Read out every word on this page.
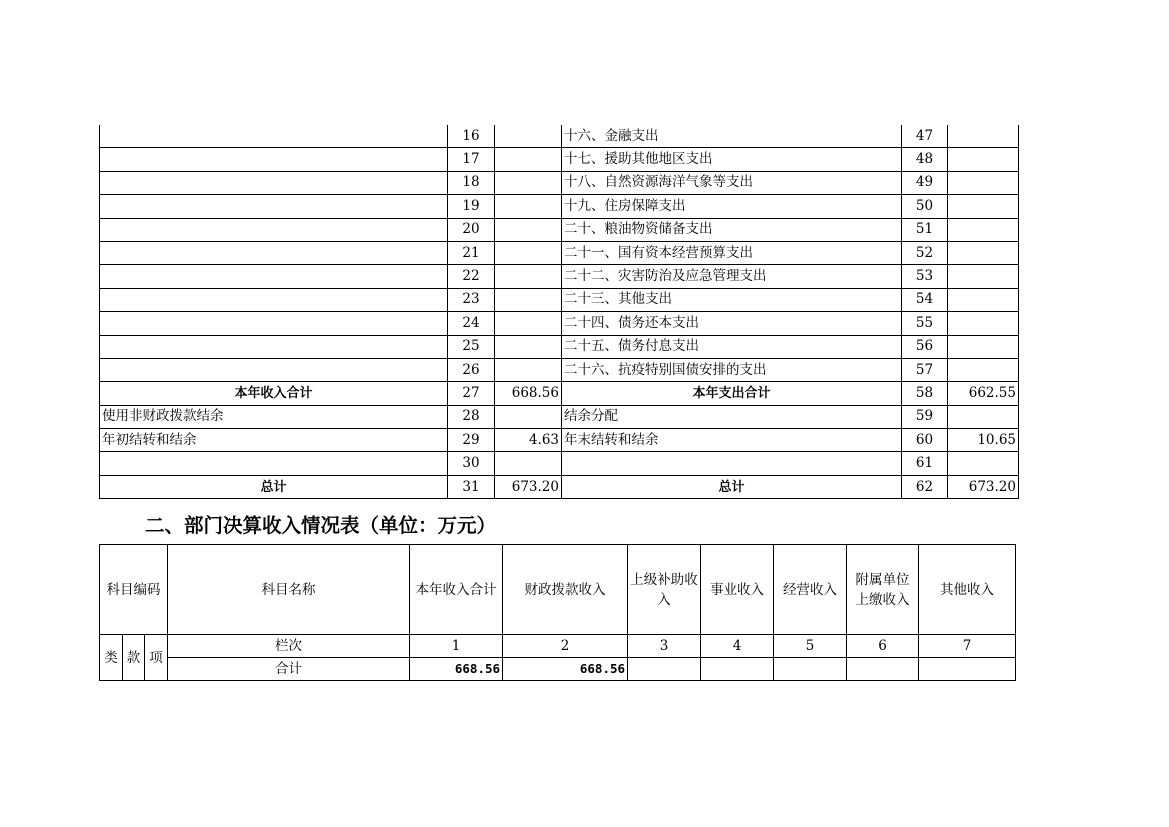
	16		十六、金融支出	47	
	17		十七、援助其他地区支出	48	
	18		十八、自然资源海洋气象等支出	49	
	19		十九、住房保障支出	50	
	20		二十、粮油物资储备支出	51	
	21		二十一、国有资本经营预算支出	52	
	22		二十二、灾害防治及应急管理支出	53	
	23		二十三、其他支出	54	
	24		二十四、债务还本支出	55	
	25		二十五、债务付息支出	56	
	26		二十六、抗疫特别国债安排的支出	57	
本年收入合计	27	668.56	本年支出合计	58	662.55
使用非财政拨款结余	28		结余分配	59	
年初结转和结余	29	4.63	年末结转和结余	60	10.65
	30			61	
总计	31	673.20	总计	62	673.20
二、部门决算收入情况表（单位：万元）
科目编码			科目名称	本年收入合计	财政拨款收入	上级补助收入	事业收入	经营收入	附属单位上缴收入	其他收入
类	款	项	栏次	1	2	3	4	5	6	7
			合计	668.56	668.56					
